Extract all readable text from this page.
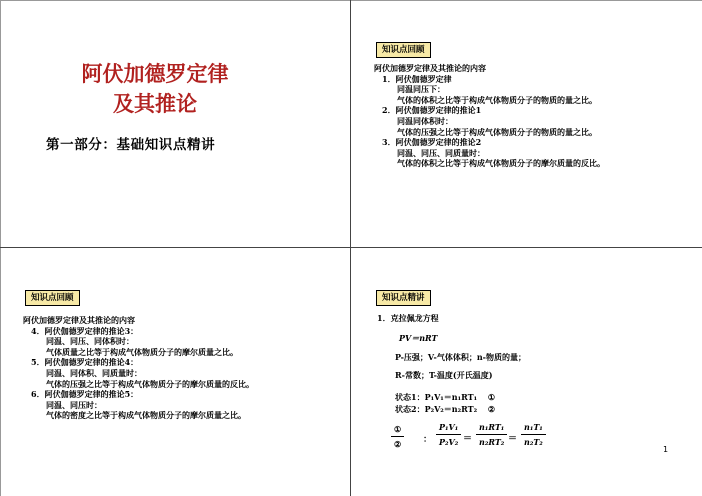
阿伏加德罗定律
及其推论
第一部分：基础知识点精讲
知识点回顾
阿伏加德罗定律及其推论的内容
1．阿伏伽德罗定律
同温同压下：
气体的体积之比等于构成气体物质分子的物质的量之比。
2．阿伏伽德罗定律的推论1
同温同体积时：
气体的压强之比等于构成气体物质分子的物质的量之比。
3．阿伏伽德罗定律的推论2
同温、同压、同质量时：
气体的体积之比等于构成气体物质分子的摩尔质量的反比。
知识点回顾
阿伏加德罗定律及其推论的内容
4．阿伏伽德罗定律的推论3：
同温、同压、同体积时：
气体质量之比等于构成气体物质分子的摩尔质量之比。
5．阿伏伽德罗定律的推论4：
同温、同体积、同质量时：
气体的压强之比等于构成气体物质分子的摩尔质量的反比。
6．阿伏伽德罗定律的推论5：
同温、同压时：
气体的密度之比等于构成气体物质分子的摩尔质量之比。
知识点精讲
1．克拉佩龙方程
PV＝nRT
P-压强；V-气体体积；n-物质的量；
R-常数；T-温度(开氏温度)
状态1：P₁V₁＝n₁RT₁ ①
状态2：P₂V₂＝n₂RT₂ ②
①
②	： $\frac{\text{P₁V₁}}{\text{P₂V₂}} = \frac{\text{n₁RT₁}}{\text{n₂RT₂}} = \frac{\text{n₁T₁}}{\text{n₂T₂}}$
1
